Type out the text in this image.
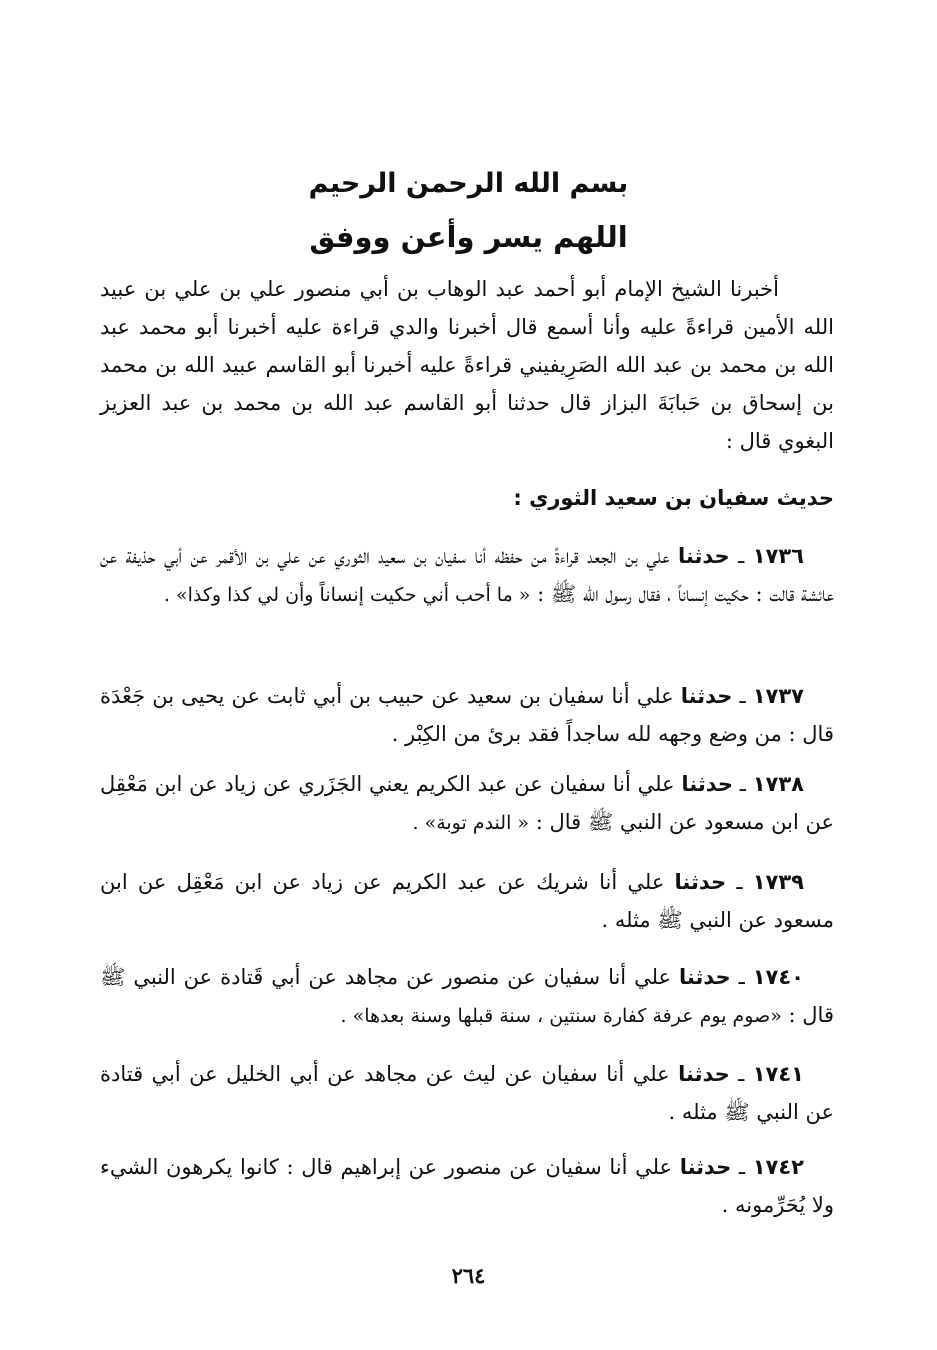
بسم الله الرحمن الرحيم
اللهم يسر وأعن ووفق

أخبرنا الشيخ الإمام أبو أحمد عبد الوهاب بن أبي منصور علي بن علي بن عبيد الله الأمين قراءةً عليه وأنا أسمع قال أخبرنا والدي قراءة عليه أخبرنا أبو محمد عبد الله بن محمد بن عبد الله الصَرِيفيني قراءةً عليه أخبرنا أبو القاسم عبيد الله بن محمد بن إسحاق بن حَبابَةَ البزاز قال حدثنا أبو القاسم عبد الله بن محمد بن عبد العزيز البغوي قال :

حديث سفيان بن سعيد الثوري :

١٧٣٦ ـ حدثنا علي بن الجعد قراءةً من حفظه أنا سفيان بن سعيد الثوري عن علي بن الأقمر عن أبي حذيفة عن عائشة قالت : حكيت إنساناً ، فقال رسول الله ﷺ : « ما أحب أني حكيت إنساناً وأن لي كذا وكذا» .

١٧٣٧ ـ حدثنا علي أنا سفيان بن سعيد عن حبيب بن أبي ثابت عن يحيى بن جَعْدَة قال : من وضع وجهه لله ساجداً فقد برئ من الكِبْر .

١٧٣٨ ـ حدثنا علي أنا سفيان عن عبد الكريم يعني الجَزَري عن زياد عن ابن مَعْقِل عن ابن مسعود عن النبي ﷺ قال : « الندم توبة» .

١٧٣٩ ـ حدثنا علي أنا شريك عن عبد الكريم عن زياد عن ابن مَعْقِل عن ابن مسعود عن النبي ﷺ مثله .

١٧٤٠ ـ حدثنا علي أنا سفيان عن منصور عن مجاهد عن أبي قَتادة عن النبي ﷺ قال : «صوم يوم عرفة كفارة سنتين ، سنة قبلها وسنة بعدها» .

١٧٤١ ـ حدثنا علي أنا سفيان عن ليث عن مجاهد عن أبي الخليل عن أبي قتادة عن النبي ﷺ مثله .

١٧٤٢ ـ حدثنا علي أنا سفيان عن منصور عن إبراهيم قال : كانوا يكرهون الشيء ولا يُحَرِّمونه .

٢٦٤
